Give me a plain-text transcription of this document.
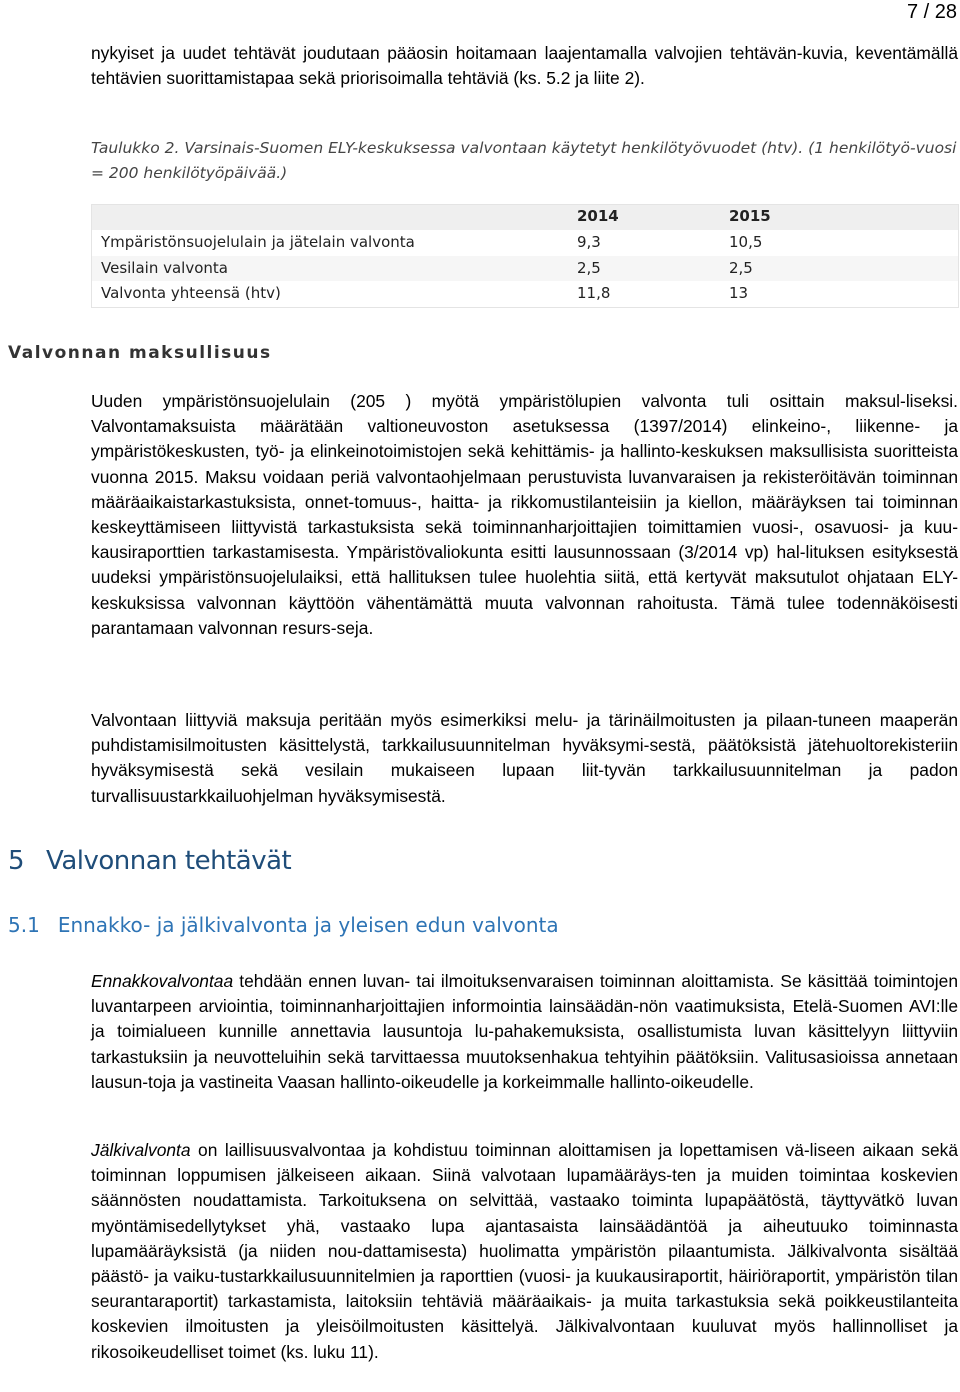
7 / 28
nykyiset ja uudet tehtävät joudutaan pääosin hoitamaan laajentamalla valvojien tehtävän-kuvia, keventämällä tehtävien suorittamistapaa sekä priorisoimalla tehtäviä (ks. 5.2 ja liite 2).
Taulukko 2. Varsinais-Suomen ELY-keskuksessa valvontaan käytetyt henkilötyövuodet (htv). (1 henkilötyö-vuosi = 200 henkilötyöpäivää.)
	2014	2015
Ympäristönsuojelulain ja jätelain valvonta	9,3	10,5
Vesilain valvonta	2,5	2,5
Valvonta yhteensä (htv)	11,8	13
Valvonnan maksullisuus
Uuden ympäristönsuojelulain (205 ) myötä ympäristölupien valvonta tuli osittain maksul-liseksi. Valvontamaksuista määrätään valtioneuvoston asetuksessa (1397/2014) elinkeino-, liikenne- ja ympäristökeskusten, työ- ja elinkeinotoimistojen sekä kehittämis- ja hallinto-keskuksen maksullisista suoritteista vuonna 2015. Maksu voidaan periä valvontaohjelmaan perustuvista luvanvaraisen ja rekisteröitävän toiminnan määräaikaistarkastuksista, onnet-tomuus-, haitta- ja rikkomustilanteisiin ja kiellon, määräyksen tai toiminnan keskeyttämiseen liittyvistä tarkastuksista sekä toiminnanharjoittajien toimittamien vuosi-, osavuosi- ja kuu-kausiraporttien tarkastamisesta. Ympäristövaliokunta esitti lausunnossaan (3/2014 vp) hal-lituksen esityksestä uudeksi ympäristönsuojelulaiksi, että hallituksen tulee huolehtia siitä, että kertyvät maksutulot ohjataan ELY-keskuksissa valvonnan käyttöön vähentämättä muuta valvonnan rahoitusta. Tämä tulee todennäköisesti parantamaan valvonnan resurs-seja.
Valvontaan liittyviä maksuja peritään myös esimerkiksi melu- ja tärinäilmoitusten ja pilaan-tuneen maaperän puhdistamisilmoitusten käsittelystä, tarkkailusuunnitelman hyväksymi-sestä, päätöksistä jätehuoltorekisteriin hyväksymisestä sekä vesilain mukaiseen lupaan liit-tyvän tarkkailusuunnitelman ja padon turvallisuustarkkailuohjelman hyväksymisestä.
5 Valvonnan tehtävät
5.1 Ennakko- ja jälkivalvonta ja yleisen edun valvonta
Ennakkovalvontaa tehdään ennen luvan- tai ilmoituksenvaraisen toiminnan aloittamista. Se käsittää toimintojen luvantarpeen arviointia, toiminnanharjoittajien informointia lainsäädän-nön vaatimuksista, Etelä-Suomen AVI:lle ja toimialueen kunnille annettavia lausuntoja lu-pahakemuksista, osallistumista luvan käsittelyyn liittyviin tarkastuksiin ja neuvotteluihin sekä tarvittaessa muutoksenhakua tehtyihin päätöksiin. Valitusasioissa annetaan lausun-toja ja vastineita Vaasan hallinto-oikeudelle ja korkeimmalle hallinto-oikeudelle.
Jälkivalvonta on laillisuusvalvontaa ja kohdistuu toiminnan aloittamisen ja lopettamisen vä-liseen aikaan sekä toiminnan loppumisen jälkeiseen aikaan. Siinä valvotaan lupamääräys-ten ja muiden toimintaa koskevien säännösten noudattamista. Tarkoituksena on selvittää, vastaako toiminta lupapäätöstä, täyttyvätkö luvan myöntämisedellytykset yhä, vastaako lupa ajantasaista lainsäädäntöä ja aiheutuuko toiminnasta lupamääräyksistä (ja niiden nou-dattamisesta) huolimatta ympäristön pilaantumista. Jälkivalvonta sisältää päästö- ja vaiku-tustarkkailusuunnitelmien ja raporttien (vuosi- ja kuukausiraportit, häiriöraportit, ympäristön tilan seurantaraportit) tarkastamista, laitoksiin tehtäviä määräaikais- ja muita tarkastuksia sekä poikkeustilanteita koskevien ilmoitusten ja yleisöilmoitusten käsittelyä. Jälkivalvontaan kuuluvat myös hallinnolliset ja rikosoikeudelliset toimet (ks. luku 11).
